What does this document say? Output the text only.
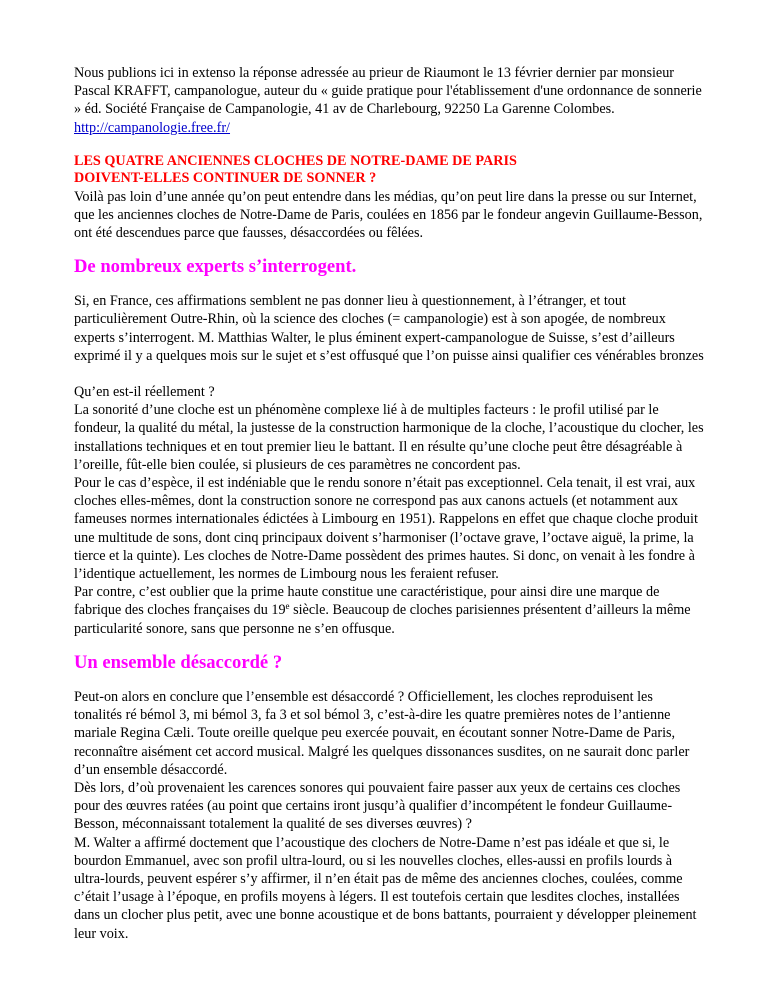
Nous publions ici in extenso la réponse adressée au prieur de Riaumont le 13 février dernier par monsieur Pascal KRAFFT, campanologue, auteur du « guide pratique pour l'établissement d'une ordonnance de sonnerie » éd. Société Française de Campanologie, 41 av de Charlebourg, 92250 La Garenne Colombes. http://campanologie.free.fr/

LES QUATRE ANCIENNES CLOCHES DE NOTRE-DAME DE PARIS
DOIVENT-ELLES CONTINUER DE SONNER ?

Voilà pas loin d’une année qu’on peut entendre dans les médias, qu’on peut lire dans la presse ou sur Internet, que les anciennes cloches de Notre-Dame de Paris, coulées en 1856 par le fondeur angevin Guillaume-Besson, ont été descendues parce que fausses, désaccordées ou fêlées.

De nombreux experts s’interrogent.

Si, en France, ces affirmations semblent ne pas donner lieu à questionnement, à l’étranger, et tout particulièrement Outre-Rhin, où la science des cloches (= campanologie) est à son apogée, de nombreux experts s’interrogent. M. Matthias Walter, le plus éminent expert-campanologue de Suisse, s’est d’ailleurs exprimé il y a quelques mois sur le sujet et s’est offusqué que l’on puisse ainsi qualifier ces vénérables bronzes

Qu’en est-il réellement ?

La sonorité d’une cloche est un phénomène complexe lié à de multiples facteurs : le profil utilisé par le fondeur, la qualité du métal, la justesse de la construction harmonique de la cloche, l’acoustique du clocher, les installations techniques et en tout premier lieu le battant. Il en résulte qu’une cloche peut être désagréable à l’oreille, fût-elle bien coulée, si plusieurs de ces paramètres ne concordent pas.

Pour le cas d’espèce, il est indéniable que le rendu sonore n’était pas exceptionnel. Cela tenait, il est vrai, aux cloches elles-mêmes, dont la construction sonore ne correspond pas aux canons actuels (et notamment aux fameuses normes internationales édictées à Limbourg en 1951). Rappelons en effet que chaque cloche produit une multitude de sons, dont cinq principaux doivent s’harmoniser (l’octave grave, l’octave aiguë, la prime, la tierce et la quinte). Les cloches de Notre-Dame possèdent des primes hautes. Si donc, on venait à les fondre à l’identique actuellement, les normes de Limbourg nous les feraient refuser.

Par contre, c’est oublier que la prime haute constitue une caractéristique, pour ainsi dire une marque de fabrique des cloches françaises du 19e siècle. Beaucoup de cloches parisiennes présentent d’ailleurs la même particularité sonore, sans que personne ne s’en offusque.

Un ensemble désaccordé ?

Peut-on alors en conclure que l’ensemble est désaccordé ? Officiellement, les cloches reproduisent les tonalités ré bémol 3, mi bémol 3, fa 3 et sol bémol 3, c’est-à-dire les quatre premières notes de l’antienne mariale Regina Cæli. Toute oreille quelque peu exercée pouvait, en écoutant sonner Notre-Dame de Paris, reconnaître aisément cet accord musical. Malgré les quelques dissonances susdites, on ne saurait donc parler d’un ensemble désaccordé.

Dès lors, d’où provenaient les carences sonores qui pouvaient faire passer aux yeux de certains ces cloches pour des œuvres ratées (au point que certains iront jusqu’à qualifier d’incompétent le fondeur Guillaume-Besson, méconnaissant totalement la qualité de ses diverses œuvres) ?

M. Walter a affirmé doctement que l’acoustique des clochers de Notre-Dame n’est pas idéale et que si, le bourdon Emmanuel, avec son profil ultra-lourd, ou si les nouvelles cloches, elles-aussi en profils lourds à ultra-lourds, peuvent espérer s’y affirmer, il n’en était pas de même des anciennes cloches, coulées, comme c’était l’usage à l’époque, en profils moyens à légers. Il est toutefois certain que lesdites cloches, installées dans un clocher plus petit, avec une bonne acoustique et de bons battants, pourraient y développer pleinement leur voix.
